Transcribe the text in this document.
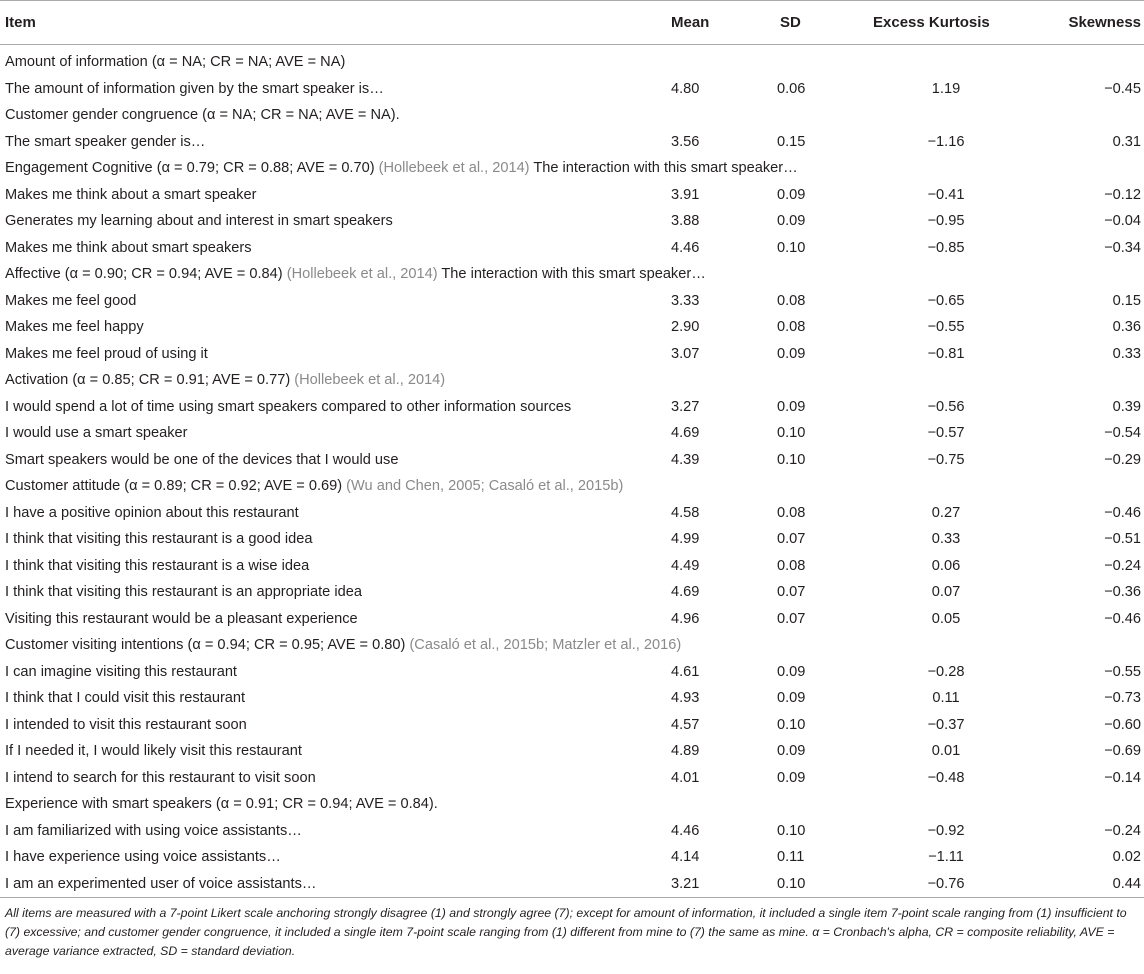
Item	Mean	SD	Excess Kurtosis	Skewness
Amount of information (α = NA; CR = NA; AVE = NA)				
The amount of information given by the smart speaker is…	4.80	0.06	1.19	−0.45
Customer gender congruence (α = NA; CR = NA; AVE = NA).				
The smart speaker gender is…	3.56	0.15	−1.16	0.31
Engagement Cognitive (α = 0.79; CR = 0.88; AVE = 0.70) (Hollebeek et al., 2014) The interaction with this smart speaker…				
Makes me think about a smart speaker	3.91	0.09	−0.41	−0.12
Generates my learning about and interest in smart speakers	3.88	0.09	−0.95	−0.04
Makes me think about smart speakers	4.46	0.10	−0.85	−0.34
Affective (α = 0.90; CR = 0.94; AVE = 0.84) (Hollebeek et al., 2014) The interaction with this smart speaker…				
Makes me feel good	3.33	0.08	−0.65	0.15
Makes me feel happy	2.90	0.08	−0.55	0.36
Makes me feel proud of using it	3.07	0.09	−0.81	0.33
Activation (α = 0.85; CR = 0.91; AVE = 0.77) (Hollebeek et al., 2014)				
I would spend a lot of time using smart speakers compared to other information sources	3.27	0.09	−0.56	0.39
I would use a smart speaker	4.69	0.10	−0.57	−0.54
Smart speakers would be one of the devices that I would use	4.39	0.10	−0.75	−0.29
Customer attitude (α = 0.89; CR = 0.92; AVE = 0.69) (Wu and Chen, 2005; Casaló et al., 2015b)				
I have a positive opinion about this restaurant	4.58	0.08	0.27	−0.46
I think that visiting this restaurant is a good idea	4.99	0.07	0.33	−0.51
I think that visiting this restaurant is a wise idea	4.49	0.08	0.06	−0.24
I think that visiting this restaurant is an appropriate idea	4.69	0.07	0.07	−0.36
Visiting this restaurant would be a pleasant experience	4.96	0.07	0.05	−0.46
Customer visiting intentions (α = 0.94; CR = 0.95; AVE = 0.80) (Casaló et al., 2015b; Matzler et al., 2016)				
I can imagine visiting this restaurant	4.61	0.09	−0.28	−0.55
I think that I could visit this restaurant	4.93	0.09	0.11	−0.73
I intended to visit this restaurant soon	4.57	0.10	−0.37	−0.60
If I needed it, I would likely visit this restaurant	4.89	0.09	0.01	−0.69
I intend to search for this restaurant to visit soon	4.01	0.09	−0.48	−0.14
Experience with smart speakers (α = 0.91; CR = 0.94; AVE = 0.84).				
I am familiarized with using voice assistants…	4.46	0.10	−0.92	−0.24
I have experience using voice assistants…	4.14	0.11	−1.11	0.02
I am an experimented user of voice assistants…	3.21	0.10	−0.76	0.44
All items are measured with a 7-point Likert scale anchoring strongly disagree (1) and strongly agree (7); except for amount of information, it included a single item 7-point scale ranging from (1) insufficient to (7) excessive; and customer gender congruence, it included a single item 7-point scale ranging from (1) different from mine to (7) the same as mine. α = Cronbach's alpha, CR = composite reliability, AVE = average variance extracted, SD = standard deviation.
